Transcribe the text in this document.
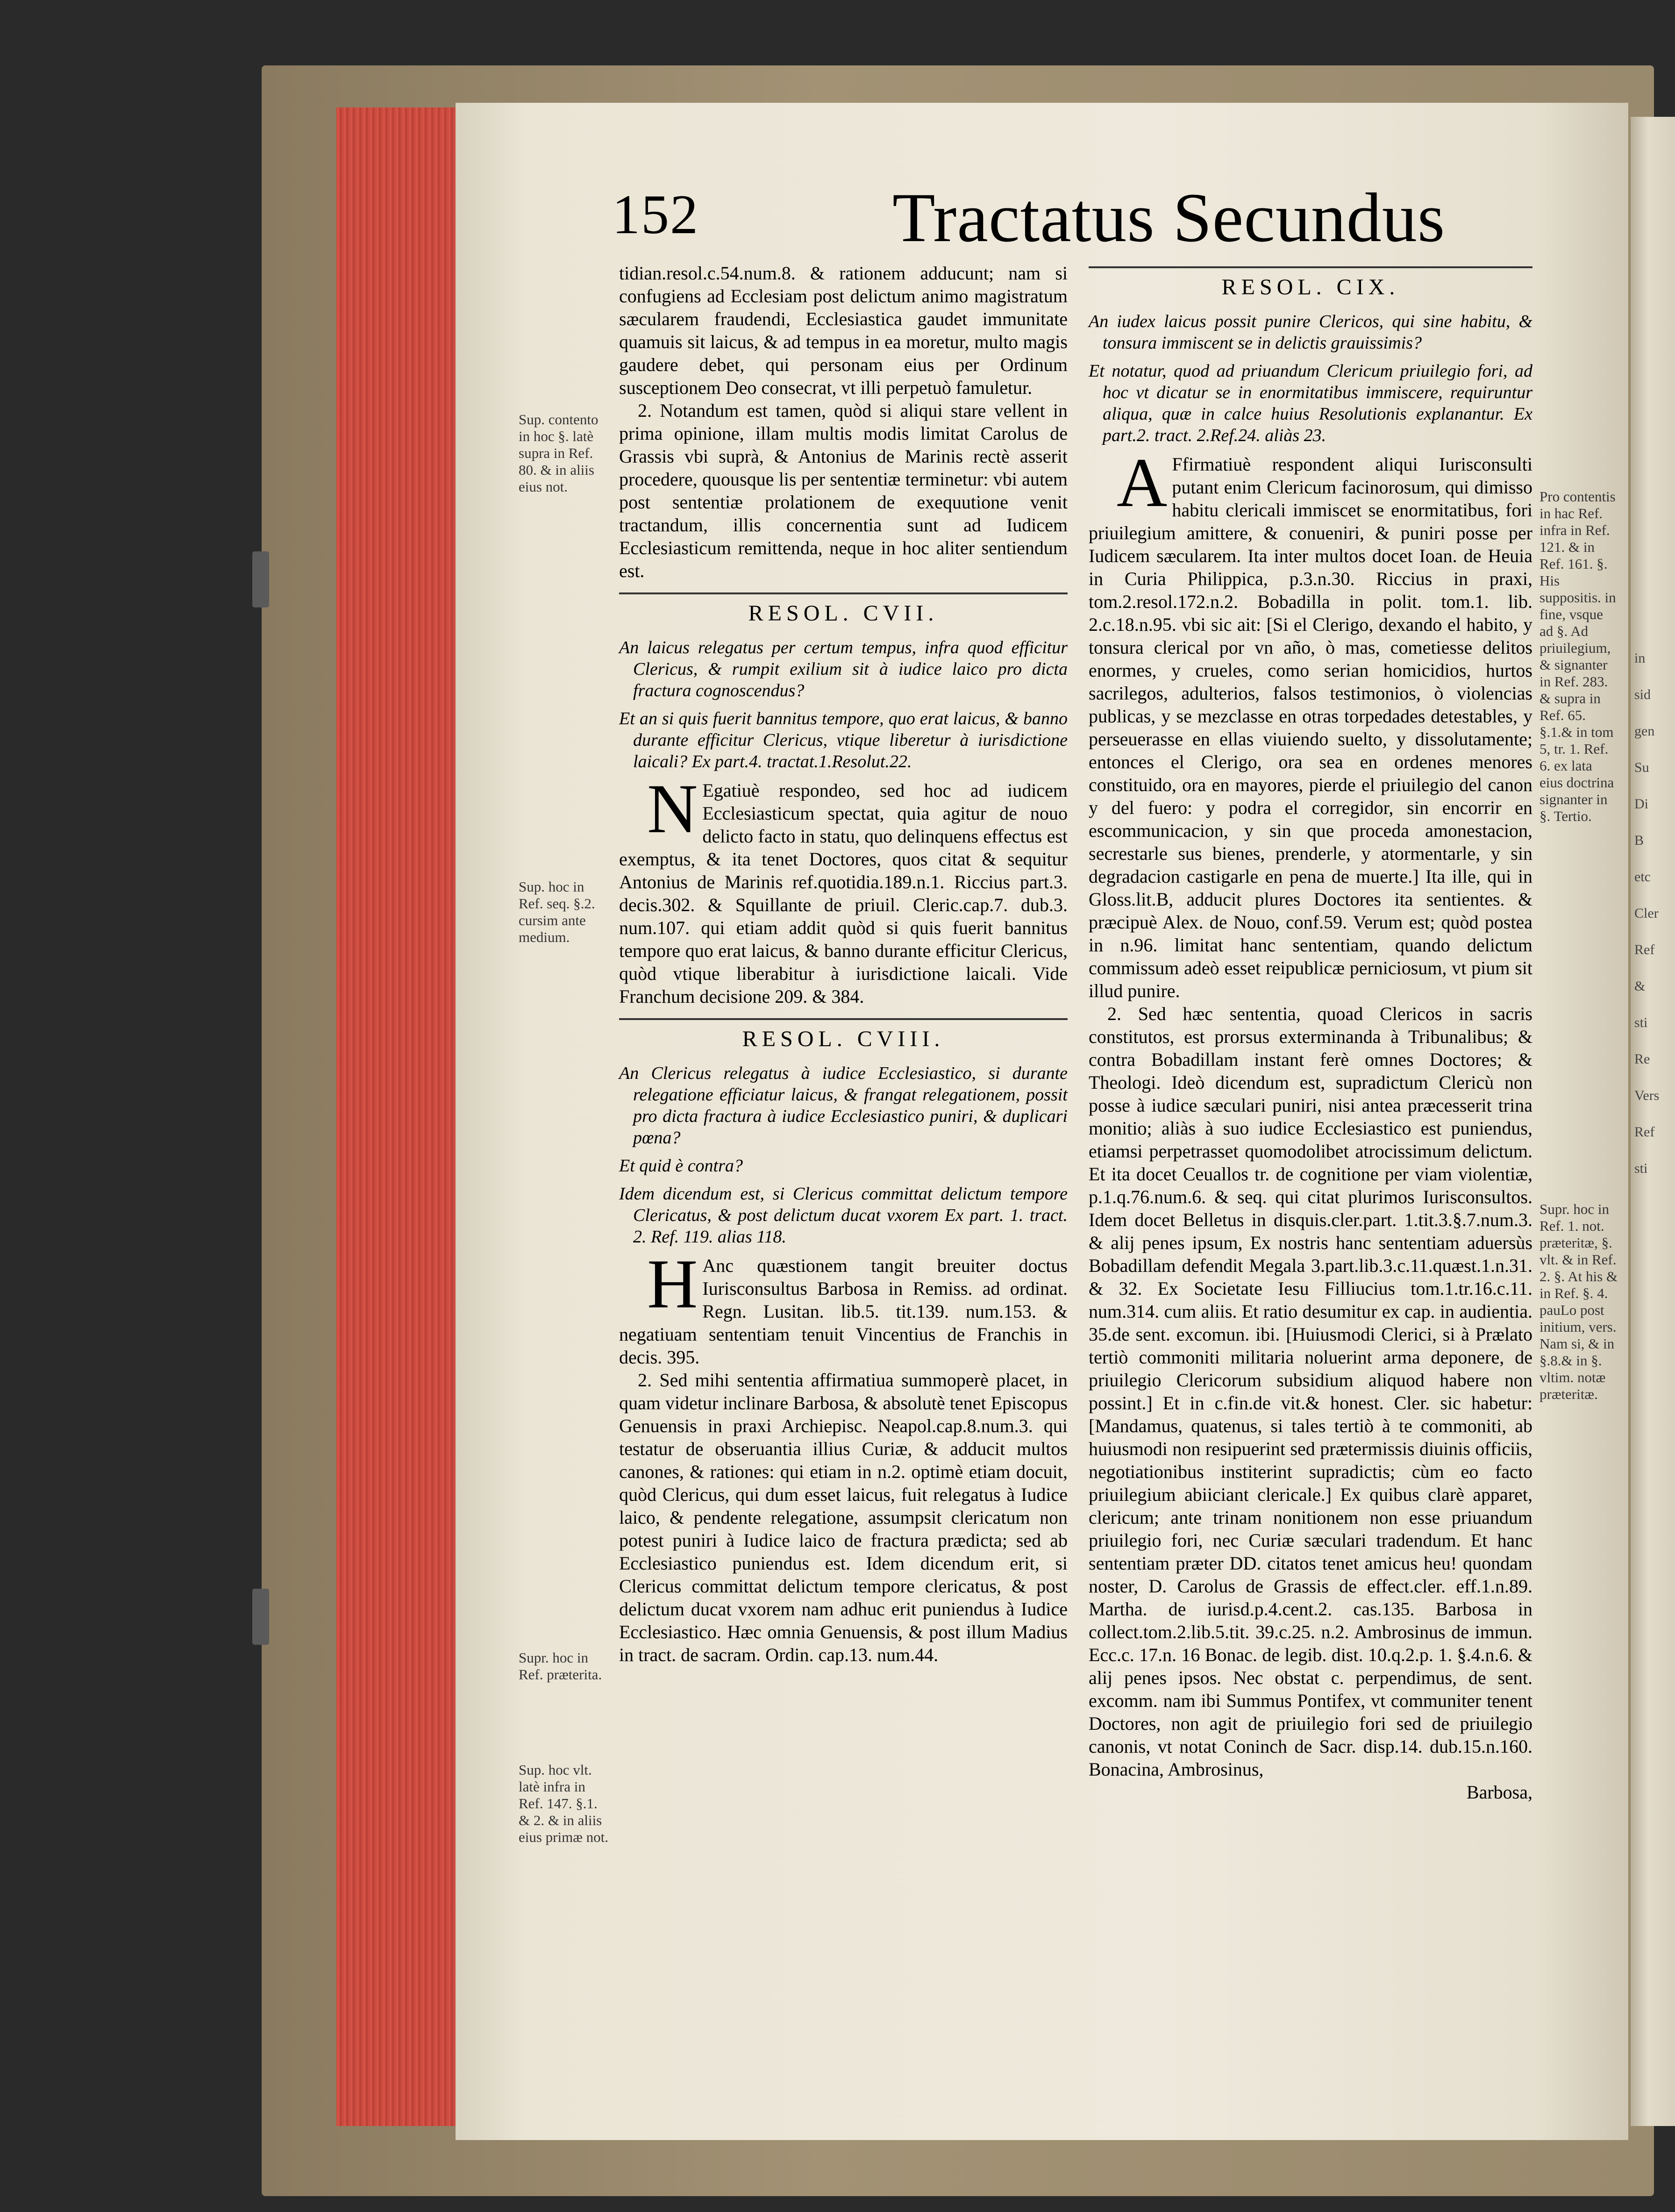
in
sid
gen
Su
Di
B
etc
Cler
Ref
&
sti
Re
Vers
Ref
sti
152	Tractatus Secundus

tidian.resol.c.54.num.8. & rationem adducunt; nam si confugiens ad Ecclesiam post delictum animo magistratum sæcularem fraudendi, Ecclesiastica gaudet immunitate quamuis sit laicus, & ad tempus in ea moretur, multo magis gaudere debet, qui personam eius per Ordinum susceptionem Deo consecrat, vt illi perpetuò famuletur.

2. Notandum est tamen, quòd si aliqui stare vellent in prima opinione, illam multis modis limitat Carolus de Grassis vbi suprà, & Antonius de Marinis rectè asserit procedere, quousque lis per sententiæ terminetur: vbi autem post sententiæ prolationem de exequutione venit tractandum, illis concernentia sunt ad Iudicem Ecclesiasticum remittenda, neque in hoc aliter sentiendum est.

RESOL. CVII.

An laicus relegatus per certum tempus, infra quod efficitur Clericus, & rumpit exilium sit à iudice laico pro dicta fractura cognoscendus?

Et an si quis fuerit bannitus tempore, quo erat laicus, & banno durante efficitur Clericus, vtique liberetur à iurisdictione laicali? Ex part.4. tractat.1.Resolut.22.

N Egatiuè respondeo, sed hoc ad iudicem Ecclesiasticum spectat, quia agitur de nouo delicto facto in statu, quo delinquens effectus est exemptus, & ita tenet Doctores, quos citat & sequitur Antonius de Marinis ref.quotidia.189.n.1. Riccius part.3. decis.302. & Squillante de priuil. Cleric.cap.7. dub.3. num.107. qui etiam addit quòd si quis fuerit bannitus tempore quo erat laicus, & banno durante efficitur Clericus, quòd vtique liberabitur à iurisdictione laicali. Vide Franchum decisione 209. & 384.

RESOL. CVIII.

An Clericus relegatus à iudice Ecclesiastico, si durante relegatione efficiatur laicus, & frangat relegationem, possit pro dicta fractura à iudice Ecclesiastico puniri, & duplicari pœna?

Et quid è contra?

Idem dicendum est, si Clericus committat delictum tempore Clericatus, & post delictum ducat vxorem Ex part. 1. tract. 2. Ref. 119. alias 118.

H Anc quæstionem tangit breuiter doctus Iurisconsultus Barbosa in Remiss. ad ordinat. Regn. Lusitan. lib.5. tit.139. num.153. & negatiuam sententiam tenuit Vincentius de Franchis in decis. 395.

2. Sed mihi sententia affirmatiua summoperè placet, in quam videtur inclinare Barbosa, & absolutè tenet Episcopus Genuensis in praxi Archiepisc. Neapol.cap.8.num.3. qui testatur de obseruantia illius Curiæ, & adducit multos canones, & rationes: qui etiam in n.2. optimè etiam docuit, quòd Clericus, qui dum esset laicus, fuit relegatus à Iudice laico, & pendente relegatione, assumpsit clericatum non potest puniri à Iudice laico de fractura prædicta; sed ab Ecclesiastico puniendus est. Idem dicendum erit, si Clericus committat delictum tempore clericatus, & post delictum ducat vxorem nam adhuc erit puniendus à Iudice Ecclesiastico. Hæc omnia Genuensis, & post illum Madius in tract. de sacram. Ordin. cap.13. num.44.

RESOL. CIX.

An iudex laicus possit punire Clericos, qui sine habitu, & tonsura immiscent se in delictis grauissimis?

Et notatur, quod ad priuandum Clericum priuilegio fori, ad hoc vt dicatur se in enormitatibus immiscere, requiruntur aliqua, quæ in calce huius Resolutionis explanantur. Ex part.2. tract. 2.Ref.24. aliàs 23.

A Ffirmatiuè respondent aliqui Iurisconsulti putant enim Clericum facinorosum, qui dimisso habitu clericali immiscet se enormitatibus, fori priuilegium amittere, & conueniri, & puniri posse per Iudicem sæcularem. Ita inter multos docet Ioan. de Heuia in Curia Philippica, p.3.n.30. Riccius in praxi, tom.2.resol.172.n.2. Bobadilla in polit. tom.1. lib. 2.c.18.n.95. vbi sic ait: [Si el Clerigo, dexando el habito, y tonsura clerical por vn año, ò mas, cometiesse delitos enormes, y crueles, como serian homicidios, hurtos sacrilegos, adulterios, falsos testimonios, ò violencias publicas, y se mezclasse en otras torpedades detestables, y perseuerasse en ellas viuiendo suelto, y dissolutamente; entonces el Clerigo, ora sea en ordenes menores constituido, ora en mayores, pierde el priuilegio del canon y del fuero: y podra el corregidor, sin encorrir en escommunicacion, y sin que proceda amonestacion, secrestarle sus bienes, prenderle, y atormentarle, y sin degradacion castigarle en pena de muerte.] Ita ille, qui in Gloss.lit.B, adducit plures Doctores ita sentientes. & præcipuè Alex. de Nouo, conf.59. Verum est; quòd postea in n.96. limitat hanc sententiam, quando delictum commissum adeò esset reipublicæ perniciosum, vt pium sit illud punire.

2. Sed hæc sententia, quoad Clericos in sacris constitutos, est prorsus exterminanda à Tribunalibus; & contra Bobadillam instant ferè omnes Doctores; & Theologi. Ideò dicendum est, supradictum Clericù non posse à iudice sæculari puniri, nisi antea præcesserit trina monitio; aliàs à suo iudice Ecclesiastico est puniendus, etiamsi perpetrasset quomodolibet atrocissimum delictum. Et ita docet Ceuallos tr. de cognitione per viam violentiæ, p.1.q.76.num.6. & seq. qui citat plurimos Iurisconsultos. Idem docet Belletus in disquis.cler.part. 1.tit.3.§.7.num.3. & alij penes ipsum, Ex nostris hanc sententiam aduersùs Bobadillam defendit Megala 3.part.lib.3.c.11.quæst.1.n.31. & 32. Ex Societate Iesu Filliucius tom.1.tr.16.c.11. num.314. cum aliis. Et ratio desumitur ex cap. in audientia. 35.de sent. excomun. ibi. [Huiusmodi Clerici, si à Prælato tertiò commoniti militaria noluerint arma deponere, de priuilegio Clericorum subsidium aliquod habere non possint.] Et in c.fin.de vit.& honest. Cler. sic habetur: [Mandamus, quatenus, si tales tertiò à te commoniti, ab huiusmodi non resipuerint sed prætermissis diuinis officiis, negotiationibus institerint supradictis; cùm eo facto priuilegium abiiciant clericale.] Ex quibus clarè apparet, clericum; ante trinam nonitionem non esse priuandum priuilegio fori, nec Curiæ sæculari tradendum. Et hanc sententiam præter DD. citatos tenet amicus heu! quondam noster, D. Carolus de Grassis de effect.cler. eff.1.n.89. Martha. de iurisd.p.4.cent.2. cas.135. Barbosa in collect.tom.2.lib.5.tit. 39.c.25. n.2. Ambrosinus de immun. Ecc.c. 17.n. 16 Bonac. de legib. dist. 10.q.2.p. 1. §.4.n.6. & alij penes ipsos. Nec obstat c. perpendimus, de sent. excomm. nam ibi Summus Pontifex, vt communiter tenent Doctores, non agit de priuilegio fori sed de priuilegio canonis, vt notat Coninch de Sacr. disp.14. dub.15.n.160. Bonacina, Ambrosinus,

Barbosa,

Sup. contento in hoc §. latè supra in Ref. 80. & in aliis eius not.
Sup. hoc in Ref. seq. §.2. cursim ante medium.
Supr. hoc in Ref. præterita.
Sup. hoc vlt. latè infra in Ref. 147. §.1. & 2. & in aliis eius primæ not.
Pro contentis in hac Ref. infra in Ref. 121. & in Ref. 161. §. His suppositis. in fine, vsque ad §. Ad priuilegium, & signanter in Ref. 283. & supra in Ref. 65. §.1.& in tom 5, tr. 1. Ref. 6. ex lata eius doctrina signanter in §. Tertio.
Supr. hoc in Ref. 1. not. præteritæ, §. vlt. & in Ref. 2. §. At his & in Ref. §. 4. pauLo post initium, vers. Nam si, & in §.8.& in §. vltim. notæ præteritæ.
